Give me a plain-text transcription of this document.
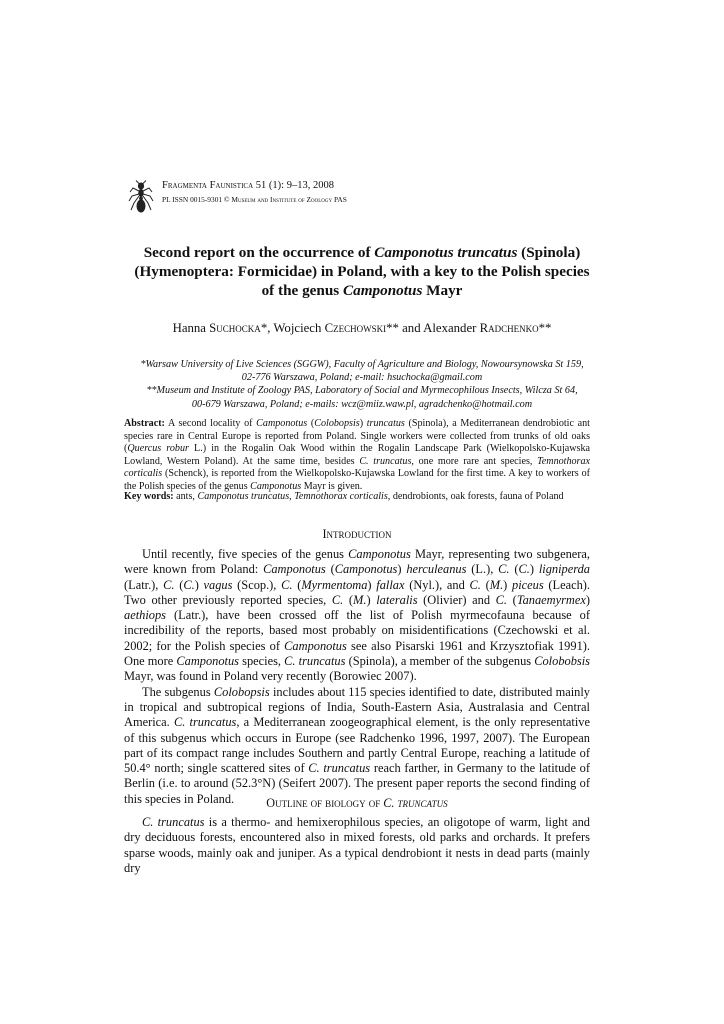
Fragmenta Faunistica 51 (1): 9–13, 2008
PL ISSN 0015-9301 © Museum and Institute of Zoology PAS
Second report on the occurrence of Camponotus truncatus (Spinola)
(Hymenoptera: Formicidae) in Poland, with a key to the Polish species
of the genus Camponotus Mayr
Hanna Suchocka*, Wojciech Czechowski** and Alexander Radchenko**
*Warsaw University of Live Sciences (SGGW), Faculty of Agriculture and Biology, Nowoursynowska St 159,
02-776 Warszawa, Poland; e-mail: hsuchocka@gmail.com
**Museum and Institute of Zoology PAS, Laboratory of Social and Myrmecophilous Insects, Wilcza St 64,
00-679 Warszawa, Poland; e-mails: wcz@miiz.waw.pl, agradchenko@hotmail.com

Abstract: A second locality of Camponotus (Colobopsis) truncatus (Spinola), a Mediterranean dendrobiotic ant species rare in Central Europe is reported from Poland. Single workers were collected from trunks of old oaks (Quercus robur L.) in the Rogalin Oak Wood within the Rogalin Landscape Park (Wielkopolsko-Kujawska Lowland, Western Poland). At the same time, besides C. truncatus, one more rare ant species, Temnothorax corticalis (Schenck), is reported from the Wielkopolsko-Kujawska Lowland for the first time. A key to workers of the Polish species of the genus Camponotus Mayr is given.

Key words: ants, Camponotus truncatus, Temnothorax corticalis, dendrobionts, oak forests, fauna of Poland

Introduction

Until recently, five species of the genus Camponotus Mayr, representing two subgenera, were known from Poland: Camponotus (Camponotus) herculeanus (L.), C. (C.) ligniperda (Latr.), C. (C.) vagus (Scop.), C. (Myrmentoma) fallax (Nyl.), and C. (M.) piceus (Leach). Two other previously reported species, C. (M.) lateralis (Olivier) and C. (Tanaemyrmex) aethiops (Latr.), have been crossed off the list of Polish myrmecofauna because of incredibility of the reports, based most probably on misidentifications (Czechowski et al. 2002; for the Polish species of Camponotus see also Pisarski 1961 and Krzysztofiak 1991). One more Camponotus species, C. truncatus (Spinola), a member of the subgenus Colobobsis Mayr, was found in Poland very recently (Borowiec 2007).

The subgenus Colobopsis includes about 115 species identified to date, distributed mainly in tropical and subtropical regions of India, South-Eastern Asia, Australasia and Central America. C. truncatus, a Mediterranean zoogeographical element, is the only representative of this subgenus which occurs in Europe (see Radchenko 1996, 1997, 2007). The European part of its compact range includes Southern and partly Central Europe, reaching a latitude of 50.4° north; single scattered sites of C. truncatus reach farther, in Germany to the latitude of Berlin (i.e. to around (52.3°N) (Seifert 2007). The present paper reports the second finding of this species in Poland.	Outline of biology of C. truncatus

C. truncatus is a thermo- and hemixerophilous species, an oligotope of warm, light and dry deciduous forests, encountered also in mixed forests, old parks and orchards. It prefers sparse woods, mainly oak and juniper. As a typical dendrobiont it nests in dead parts (mainly dry
